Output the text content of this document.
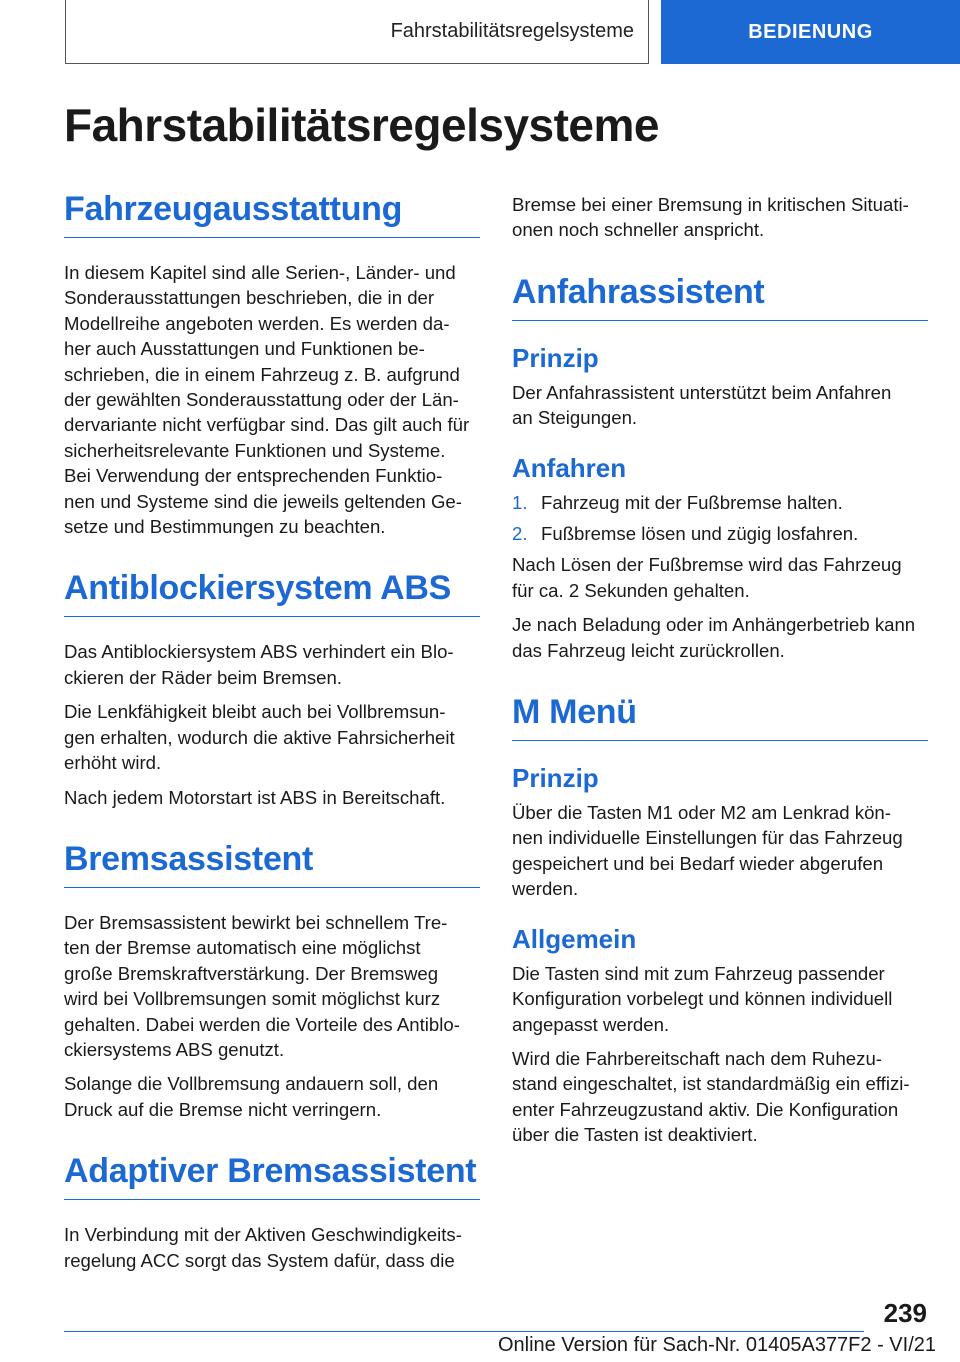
Fahrstabilitätsregelsysteme	BEDIENUNG
Fahrstabilitätsregelsysteme
Fahrzeugausstattung

In diesem Kapitel sind alle Serien-, Länder- und
Sonderausstattungen beschrieben, die in der
Modellreihe angeboten werden. Es werden da‐
her auch Ausstattungen und Funktionen be‐
schrieben, die in einem Fahrzeug z. B. aufgrund
der gewählten Sonderausstattung oder der Län‐
dervariante nicht verfügbar sind. Das gilt auch für
sicherheitsrelevante Funktionen und Systeme.
Bei Verwendung der entsprechenden Funktio‐
nen und Systeme sind die jeweils geltenden Ge‐
setze und Bestimmungen zu beachten.

Antiblockiersystem ABS

Das Antiblockiersystem ABS verhindert ein Blo‐
ckieren der Räder beim Bremsen.

Die Lenkfähigkeit bleibt auch bei Vollbremsun‐
gen erhalten, wodurch die aktive Fahrsicherheit
erhöht wird.

Nach jedem Motorstart ist ABS in Bereitschaft.

Bremsassistent

Der Bremsassistent bewirkt bei schnellem Tre‐
ten der Bremse automatisch eine möglichst
große Bremskraftverstärkung. Der Bremsweg
wird bei Vollbremsungen somit möglichst kurz
gehalten. Dabei werden die Vorteile des Antiblo‐
ckiersystems ABS genutzt.

Solange die Vollbremsung andauern soll, den
Druck auf die Bremse nicht verringern.

Adaptiver Bremsassistent

In Verbindung mit der Aktiven Geschwindigkeits‐
regelung ACC sorgt das System dafür, dass die

Bremse bei einer Bremsung in kritischen Situati‐
onen noch schneller anspricht.

Anfahrassistent
Prinzip

Der Anfahrassistent unterstützt beim Anfahren
an Steigungen.

Anfahren
1. Fahrzeug mit der Fußbremse halten.
2. Fußbremse lösen und zügig losfahren.

Nach Lösen der Fußbremse wird das Fahrzeug
für ca. 2 Sekunden gehalten.

Je nach Beladung oder im Anhängerbetrieb kann
das Fahrzeug leicht zurückrollen.

M Menü
Prinzip

Über die Tasten M1 oder M2 am Lenkrad kön‐
nen individuelle Einstellungen für das Fahrzeug
gespeichert und bei Bedarf wieder abgerufen
werden.

Allgemein

Die Tasten sind mit zum Fahrzeug passender
Konfiguration vorbelegt und können individuell
angepasst werden.

Wird die Fahrbereitschaft nach dem Ruhezu‐
stand eingeschaltet, ist standardmäßig ein effizi‐
enter Fahrzeugzustand aktiv. Die Konfiguration
über die Tasten ist deaktiviert.

239
Online Version für Sach-Nr. 01405A377F2 - VI/21
